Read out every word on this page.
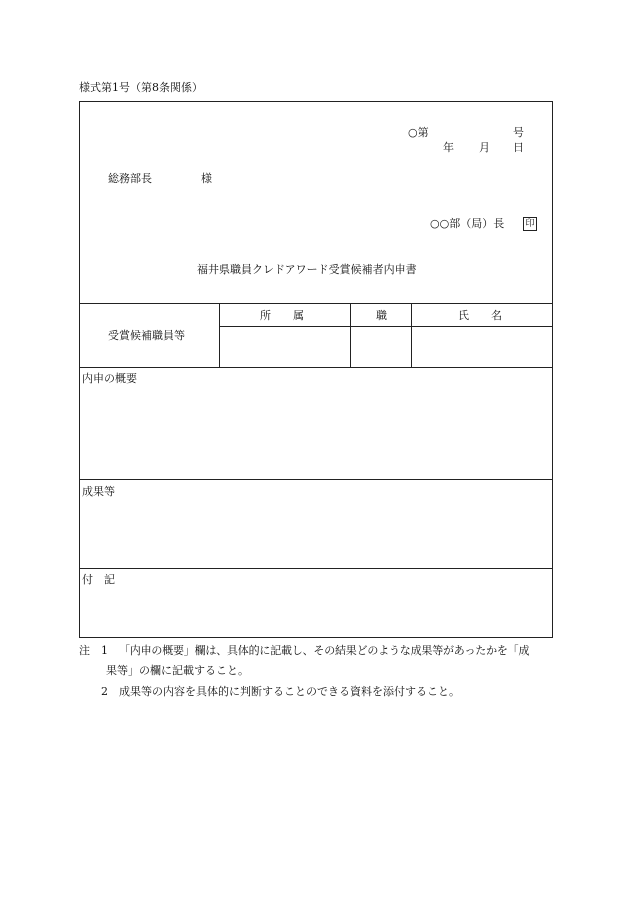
様式第1号（第8条関係）
○第	号
年 月 日
総務部長	様
○○部（局）長 印
福井県職員クレドアワード受賞候補者内申書
受賞候補職員等
所　　属	職	氏　　名
内申の概要
成果等
付　記
注 1 「内申の概要」欄は、具体的に記載し、その結果どのような成果等があったかを「成
果等」の欄に記載すること。
2 成果等の内容を具体的に判断することのできる資料を添付すること。
